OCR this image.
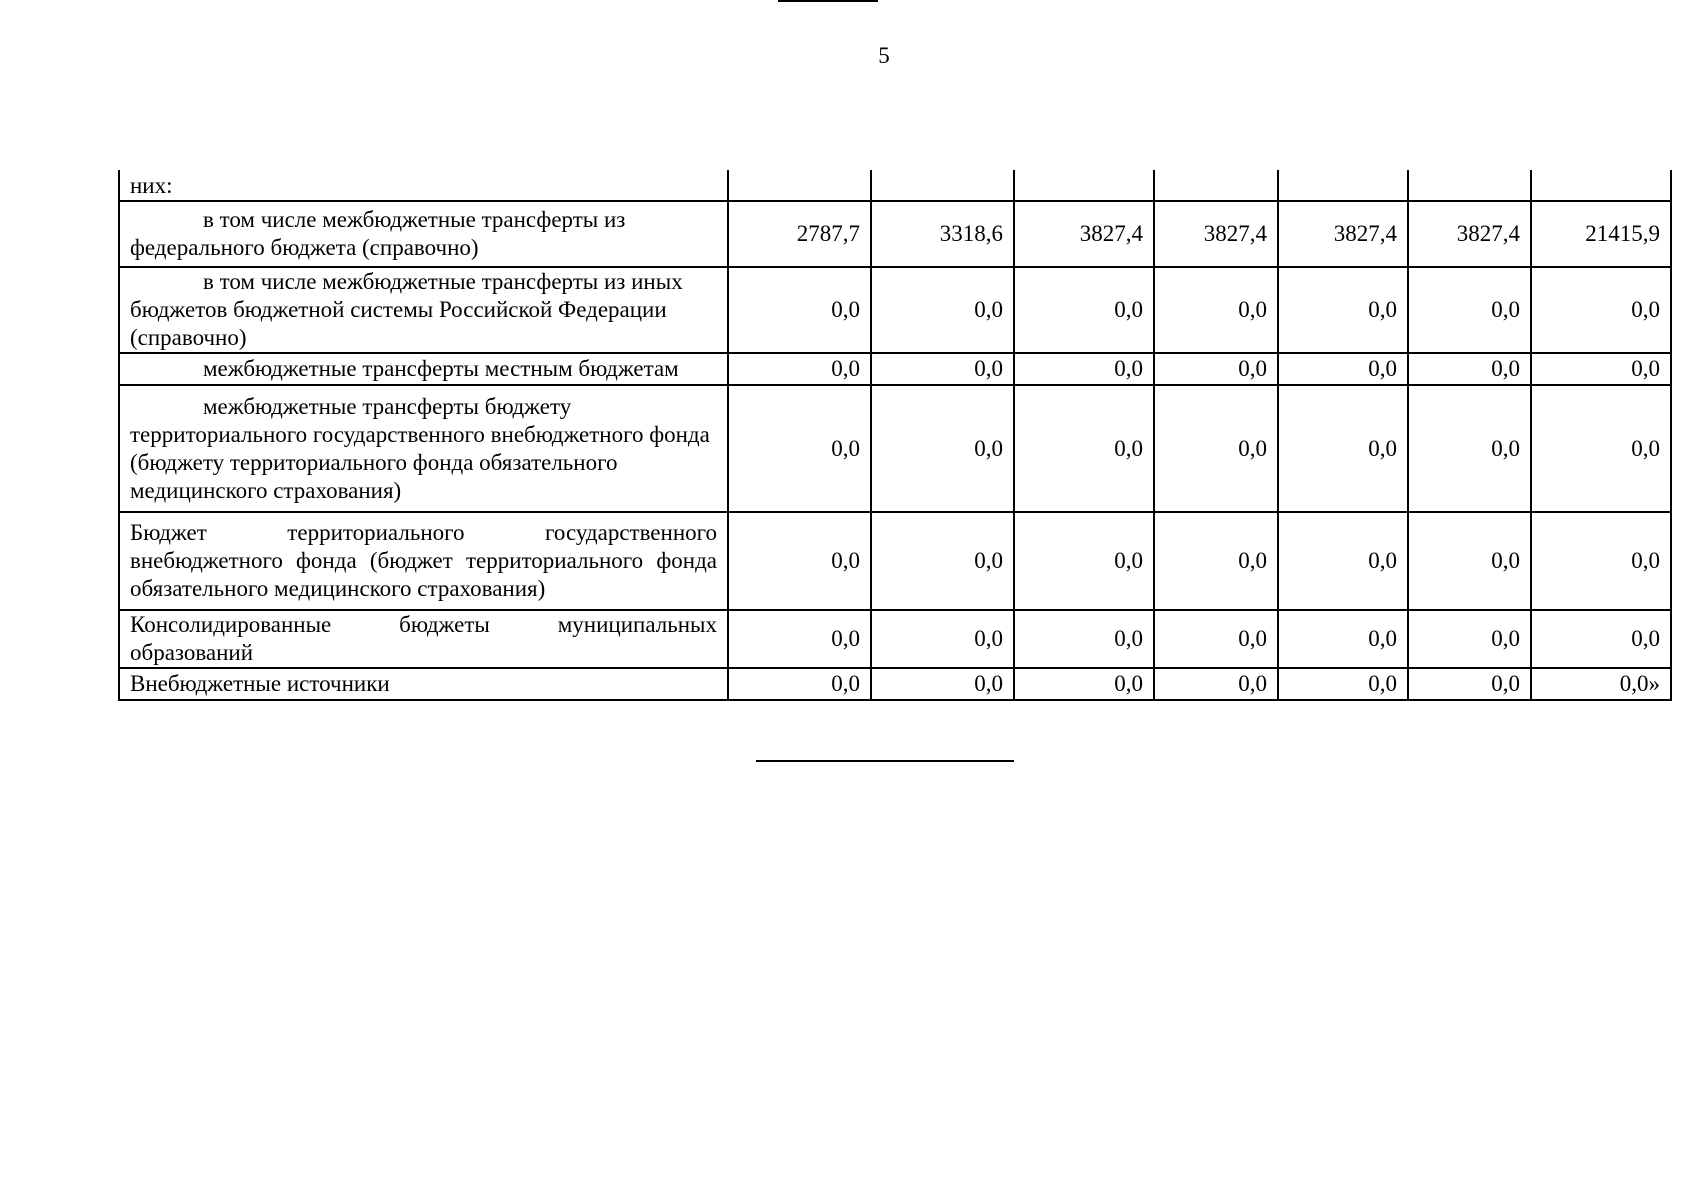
5
них:							
в том числе межбюджетные трансферты из федерального бюджета (справочно)	2787,7	3318,6	3827,4	3827,4	3827,4	3827,4	21415,9
в том числе межбюджетные трансферты из иных бюджетов бюджетной системы Российской Федерации (справочно)	0,0	0,0	0,0	0,0	0,0	0,0	0,0
межбюджетные трансферты местным бюджетам	0,0	0,0	0,0	0,0	0,0	0,0	0,0
межбюджетные трансферты бюджету территориального государственного внебюджетного фонда (бюджету территориального фонда обязательного медицинского страхования)	0,0	0,0	0,0	0,0	0,0	0,0	0,0
Бюджет территориального государственного внебюджетного фонда (бюджет территориального фонда обязательного медицинского страхования)	0,0	0,0	0,0	0,0	0,0	0,0	0,0
Консолидированные бюджеты муниципальных образований	0,0	0,0	0,0	0,0	0,0	0,0	0,0
Внебюджетные источники	0,0	0,0	0,0	0,0	0,0	0,0	0,0»
